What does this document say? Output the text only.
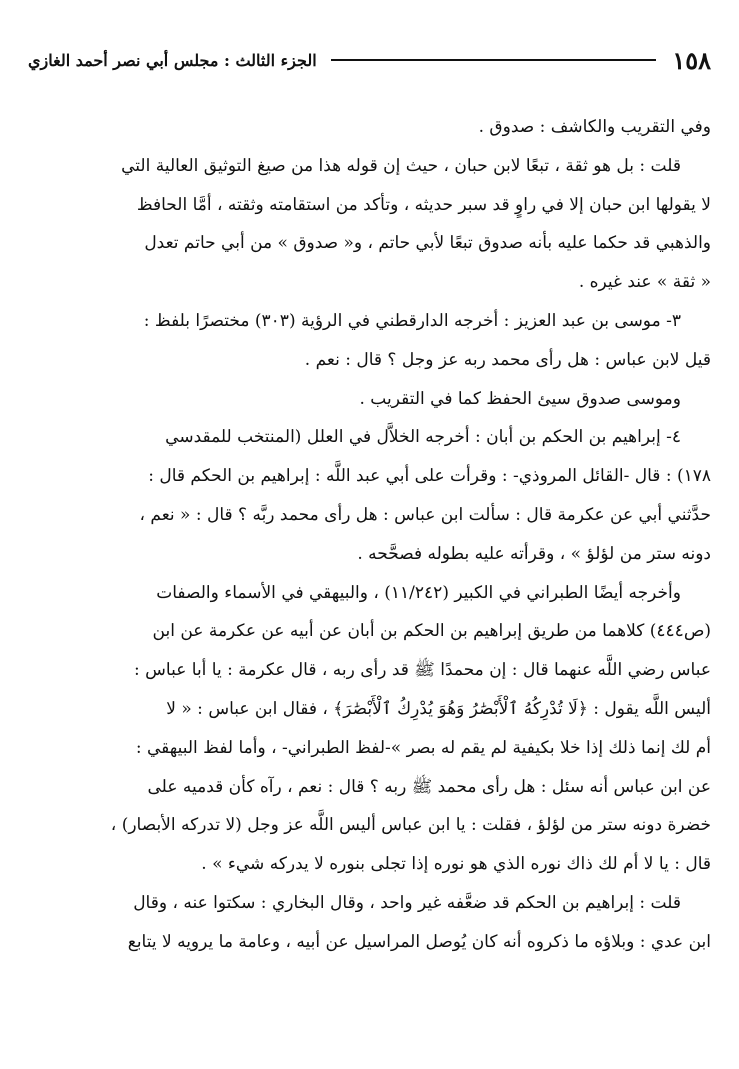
١٥٨
الجزء الثالث : مجلس أبي نصر أحمد الغازي
وفي التقريب والكاشف : صدوق .
قلت : بل هو ثقة ، تبعًا لابن حبان ، حيث إن قوله هذا من صيغ التوثيق العالية التي
لا يقولها ابن حبان إلا في راوٍ قد سبر حديثه ، وتأكد من استقامته وثقته ، أمَّا الحافظ
والذهبي قد حكما عليه بأنه صدوق تبعًا لأبي حاتم ، و« صدوق » من أبي حاتم تعدل
« ثقة » عند غيره .
٣- موسى بن عبد العزيز : أخرجه الدارقطني في الرؤية (٣٠٣) مختصرًا بلفظ :
قيل لابن عباس : هل رأى محمد ربه عز وجل ؟ قال : نعم .
وموسى صدوق سيئ الحفظ كما في التقريب .
٤- إبراهيم بن الحكم بن أبان : أخرجه الخلاَّل في العلل (المنتخب للمقدسي
١٧٨) : قال -القائل المروذي- : وقرأت على أبي عبد اللَّه : إبراهيم بن الحكم قال :
حدَّثني أبي عن عكرمة قال : سألت ابن عباس : هل رأى محمد ربَّه ؟ قال : « نعم ،
دونه ستر من لؤلؤ » ، وقرأته عليه بطوله فصحَّحه .
وأخرجه أيضًا الطبراني في الكبير (١١/٢٤٢) ، والبيهقي في الأسماء والصفات
(ص٤٤٤) كلاهما من طريق إبراهيم بن الحكم بن أبان عن أبيه عن عكرمة عن ابن
عباس رضي اللَّه عنهما قال : إن محمدًا ﷺ قد رأى ربه ، قال عكرمة : يا أبا عباس :
أليس اللَّه يقول : ﴿لَا تُدْرِكُهُ ٱلْأَبْصَٰرُ وَهُوَ يُدْرِكُ ٱلْأَبْصَٰرَ﴾ ، فقال ابن عباس : « لا
أم لك إنما ذلك إذا خلا بكيفية لم يقم له بصر »-لفظ الطبراني- ، وأما لفظ البيهقي :
عن ابن عباس أنه سئل : هل رأى محمد ﷺ ربه ؟ قال : نعم ، رآه كأن قدميه على
خضرة دونه ستر من لؤلؤ ، فقلت : يا ابن عباس أليس اللَّه عز وجل (لا تدركه الأبصار) ،
قال : يا لا أم لك ذاك نوره الذي هو نوره إذا تجلى بنوره لا يدركه شيء » .
قلت : إبراهيم بن الحكم قد ضعَّفه غير واحد ، وقال البخاري : سكتوا عنه ، وقال
ابن عدي : وبلاؤه ما ذكروه أنه كان يُوصل المراسيل عن أبيه ، وعامة ما يرويه لا يتابع
